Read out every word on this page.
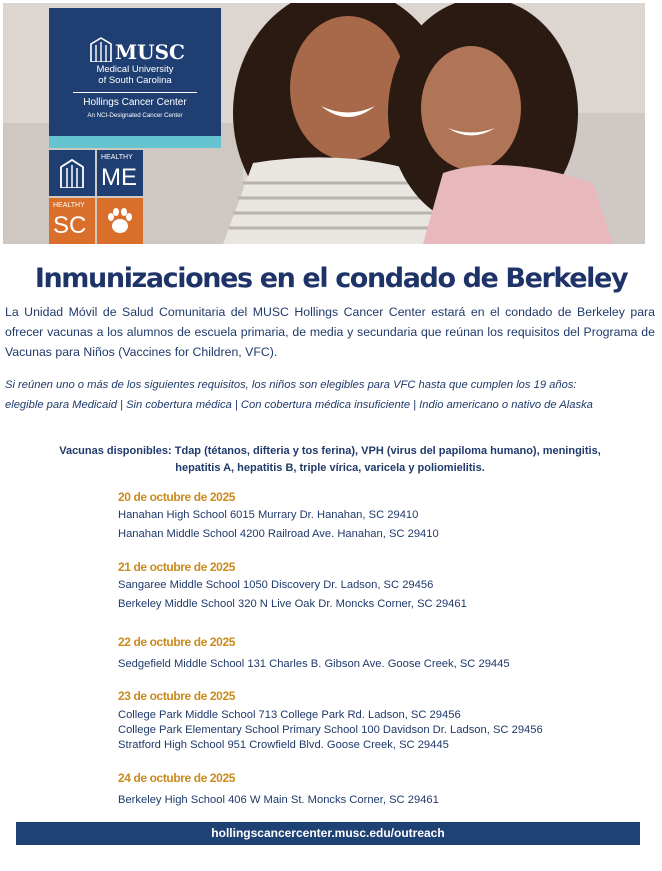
MUSC
Medical University
of South Carolina
Hollings Cancer Center
An NCI-Designated Cancer Center
HEALTHY
ME
HEALTHY
SC
Inmunizaciones en el condado de Berkeley
La Unidad Móvil de Salud Comunitaria del MUSC Hollings Cancer Center estará en el condado de Berkeley para ofrecer vacunas a los alumnos de escuela primaria, de media y secundaria que reúnan los requisitos del Programa de Vacunas para Niños (Vaccines for Children, VFC).
Si reúnen uno o más de los siguientes requisitos, los niños son elegibles para VFC hasta que cumplen los 19 años:
elegible para Medicaid | Sin cobertura médica | Con cobertura médica insuficiente | Indio americano o nativo de Alaska
Vacunas disponibles: Tdap (tétanos, difteria y tos ferina), VPH (virus del papiloma humano), meningitis,
hepatitis A, hepatitis B, triple vírica, varicela y poliomielitis.
20 de octubre de 2025
Hanahan High School 6015 Murrary Dr. Hanahan, SC 29410
Hanahan Middle School 4200 Railroad Ave. Hanahan, SC 29410
21 de octubre de 2025
Sangaree Middle School 1050 Discovery Dr. Ladson, SC 29456
Berkeley Middle School 320 N Live Oak Dr. Moncks Corner, SC 29461
22 de octubre de 2025
Sedgefield Middle School 131 Charles B. Gibson Ave. Goose Creek, SC 29445
23 de octubre de 2025
College Park Middle School 713 College Park Rd. Ladson, SC 29456
College Park Elementary School Primary School 100 Davidson Dr. Ladson, SC 29456
Stratford High School 951 Crowfield Blvd. Goose Creek, SC 29445
24 de octubre de 2025
Berkeley High School 406 W Main St. Moncks Corner, SC 29461
hollingscancercenter.musc.edu/outreach
